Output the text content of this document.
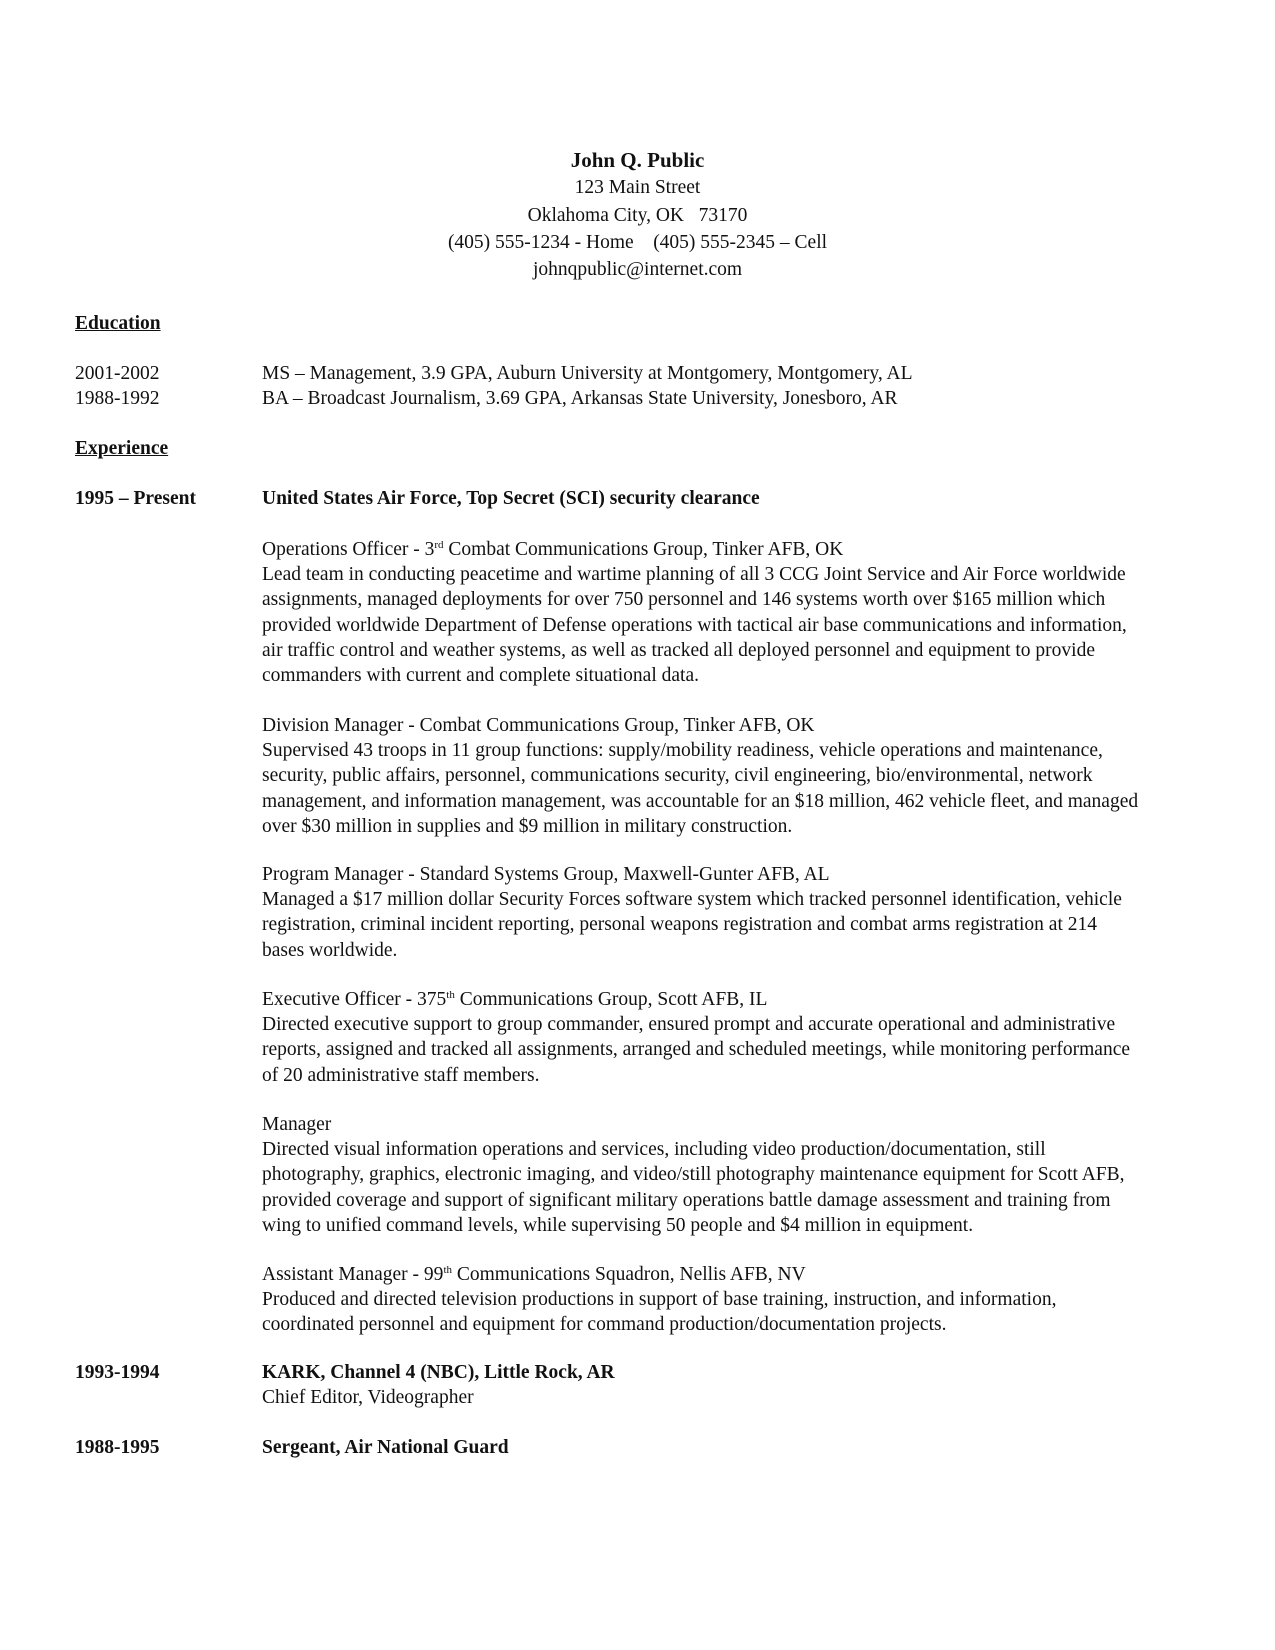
John Q. Public
123 Main Street
Oklahoma City, OK   73170
(405) 555-1234 - Home    (405) 555-2345 – Cell
johnqpublic@internet.com
Education
2001-2002	MS – Management, 3.9 GPA, Auburn University at Montgomery, Montgomery, AL
1988-1992	BA – Broadcast Journalism, 3.69 GPA, Arkansas State University, Jonesboro, AR
Experience
1995 – Present	United States Air Force, Top Secret (SCI) security clearance
Operations Officer - 3rd Combat Communications Group, Tinker AFB, OK
Lead team in conducting peacetime and wartime planning of all 3 CCG Joint Service and Air Force worldwide
assignments, managed deployments for over 750 personnel and 146 systems worth over $165 million which
provided worldwide Department of Defense operations with tactical air base communications and information,
air traffic control and weather systems, as well as tracked all deployed personnel and equipment to provide
commanders with current and complete situational data.
Division Manager - Combat Communications Group, Tinker AFB, OK
Supervised 43 troops in 11 group functions: supply/mobility readiness, vehicle operations and maintenance,
security, public affairs, personnel, communications security, civil engineering, bio/environmental, network
management, and information management, was accountable for an $18 million, 462 vehicle fleet, and managed
over $30 million in supplies and $9 million in military construction.
Program Manager - Standard Systems Group, Maxwell-Gunter AFB, AL
Managed a $17 million dollar Security Forces software system which tracked personnel identification, vehicle
registration, criminal incident reporting, personal weapons registration and combat arms registration at 214
bases worldwide.
Executive Officer - 375th Communications Group, Scott AFB, IL
Directed executive support to group commander, ensured prompt and accurate operational and administrative
reports, assigned and tracked all assignments, arranged and scheduled meetings, while monitoring performance
of 20 administrative staff members.
Manager
Directed visual information operations and services, including video production/documentation, still
photography, graphics, electronic imaging, and video/still photography maintenance equipment for Scott AFB,
provided coverage and support of significant military operations battle damage assessment and training from
wing to unified command levels, while supervising 50 people and $4 million in equipment.
Assistant Manager - 99th Communications Squadron, Nellis AFB, NV
Produced and directed television productions in support of base training, instruction, and information,
coordinated personnel and equipment for command production/documentation projects.
1993-1994	KARK, Channel 4 (NBC), Little Rock, AR
Chief Editor, Videographer
1988-1995	Sergeant, Air National Guard
